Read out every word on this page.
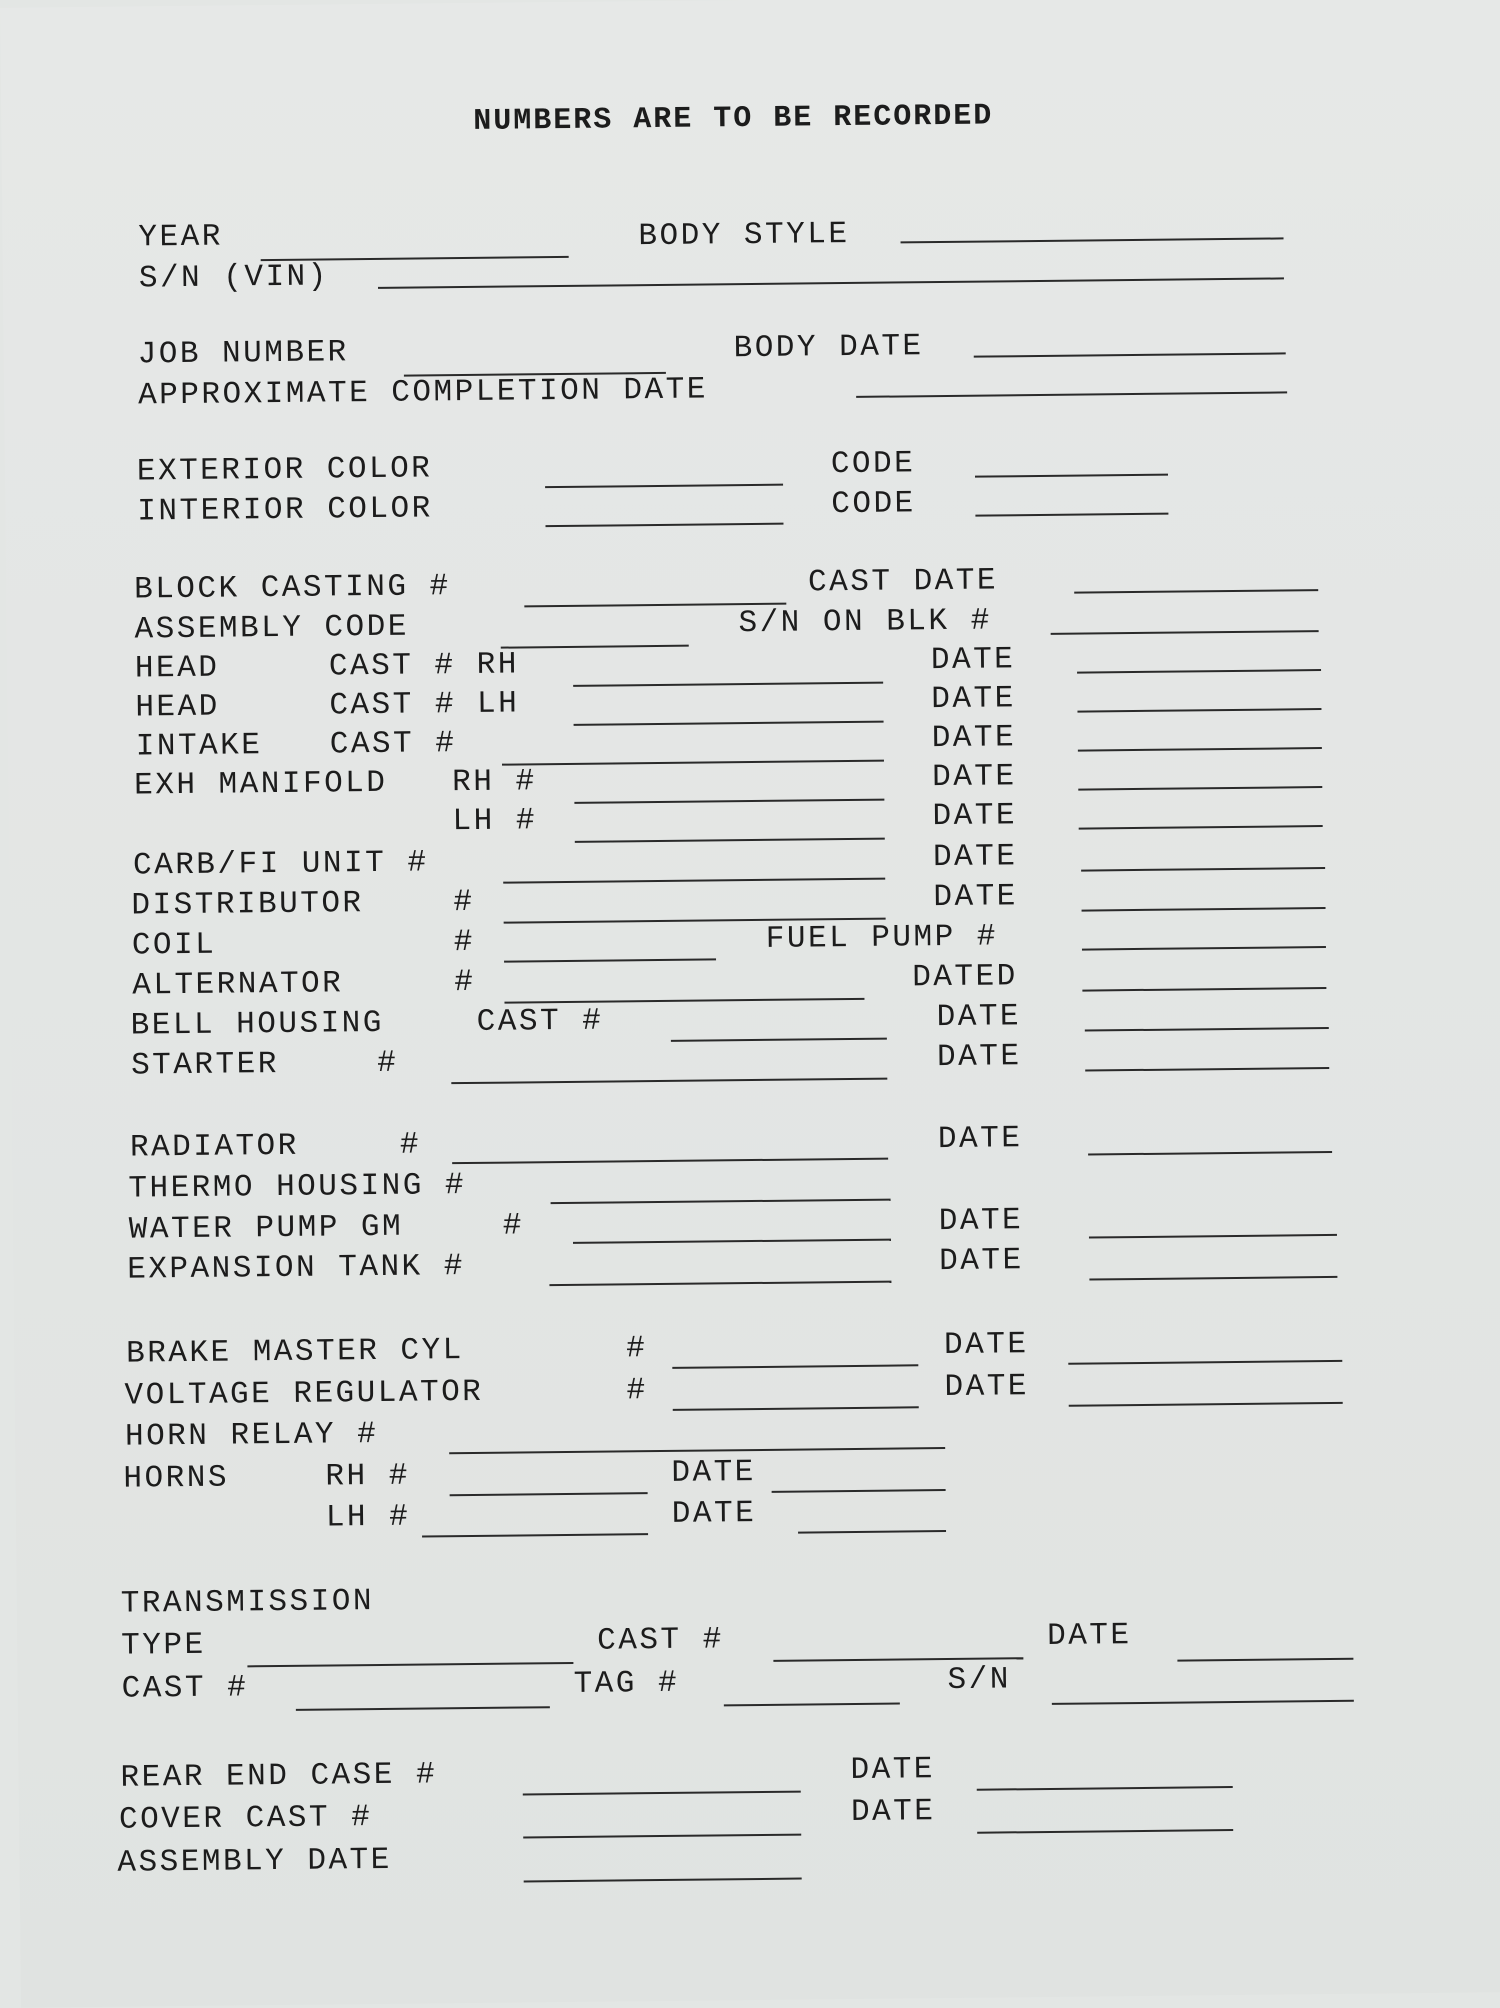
NUMBERS ARE TO BE RECORDED
YEAR	BODY STYLE
S/N (VIN)
JOB NUMBER	BODY DATE
APPROXIMATE COMPLETION DATE
EXTERIOR COLOR	CODE
INTERIOR COLOR	CODE
BLOCK CASTING #	CAST DATE
ASSEMBLY CODE	S/N ON BLK #
HEAD	CAST # RH	DATE
HEAD	CAST # LH	DATE
INTAKE CAST #	DATE
EXH MANIFOLD RH #	DATE
LH #	DATE
CARB/FI UNIT #	DATE
DISTRIBUTOR	#	DATE
COIL	#	FUEL PUMP #
ALTERNATOR	#	DATED
BELL HOUSING	CAST #	DATE
STARTER	#	DATE
RADIATOR	#	DATE
THERMO HOUSING #
WATER PUMP GM	#	DATE
EXPANSION TANK #	DATE
BRAKE MASTER CYL	#	DATE
VOLTAGE REGULATOR	#	DATE
HORN RELAY #
HORNS	RH #	DATE
LH #	DATE
TRANSMISSION
TYPE	CAST #	DATE
CAST #	TAG #	S/N
REAR END CASE #	DATE
COVER CAST #	DATE
ASSEMBLY DATE
